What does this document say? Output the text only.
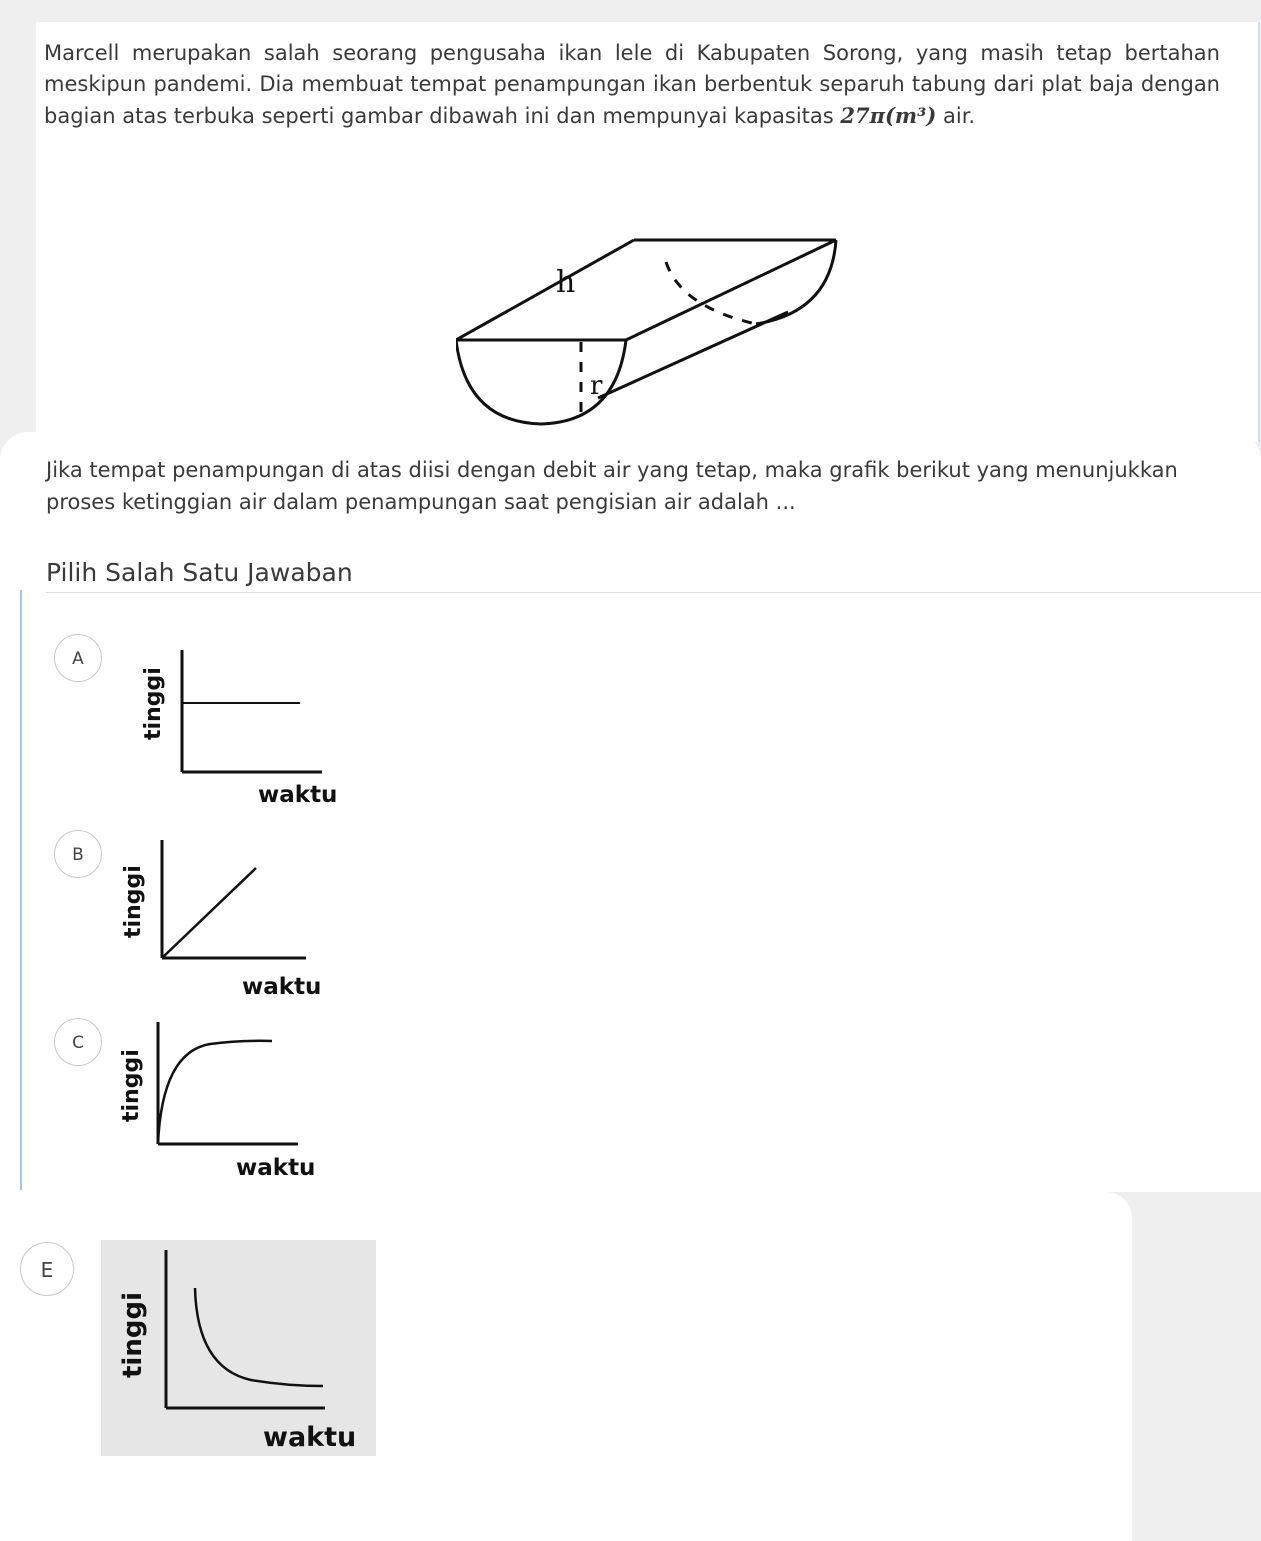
Marcell merupakan salah seorang pengusaha ikan lele di Kabupaten Sorong, yang masih tetap bertahan meskipun pandemi. Dia membuat tempat penampungan ikan berbentuk separuh tabung dari plat baja dengan bagian atas terbuka seperti gambar dibawah ini dan mempunyai kapasitas 27π(m³) air.

h
r

Jika tempat penampungan di atas diisi dengan debit air yang tetap, maka grafik berikut yang menunjukkan proses ketinggian air dalam penampungan saat pengisian air adalah ...

Pilih Salah Satu Jawaban
A
tinggi
waktu
B
tinggi
waktu
C
tinggi
waktu
E
tinggi
waktu
